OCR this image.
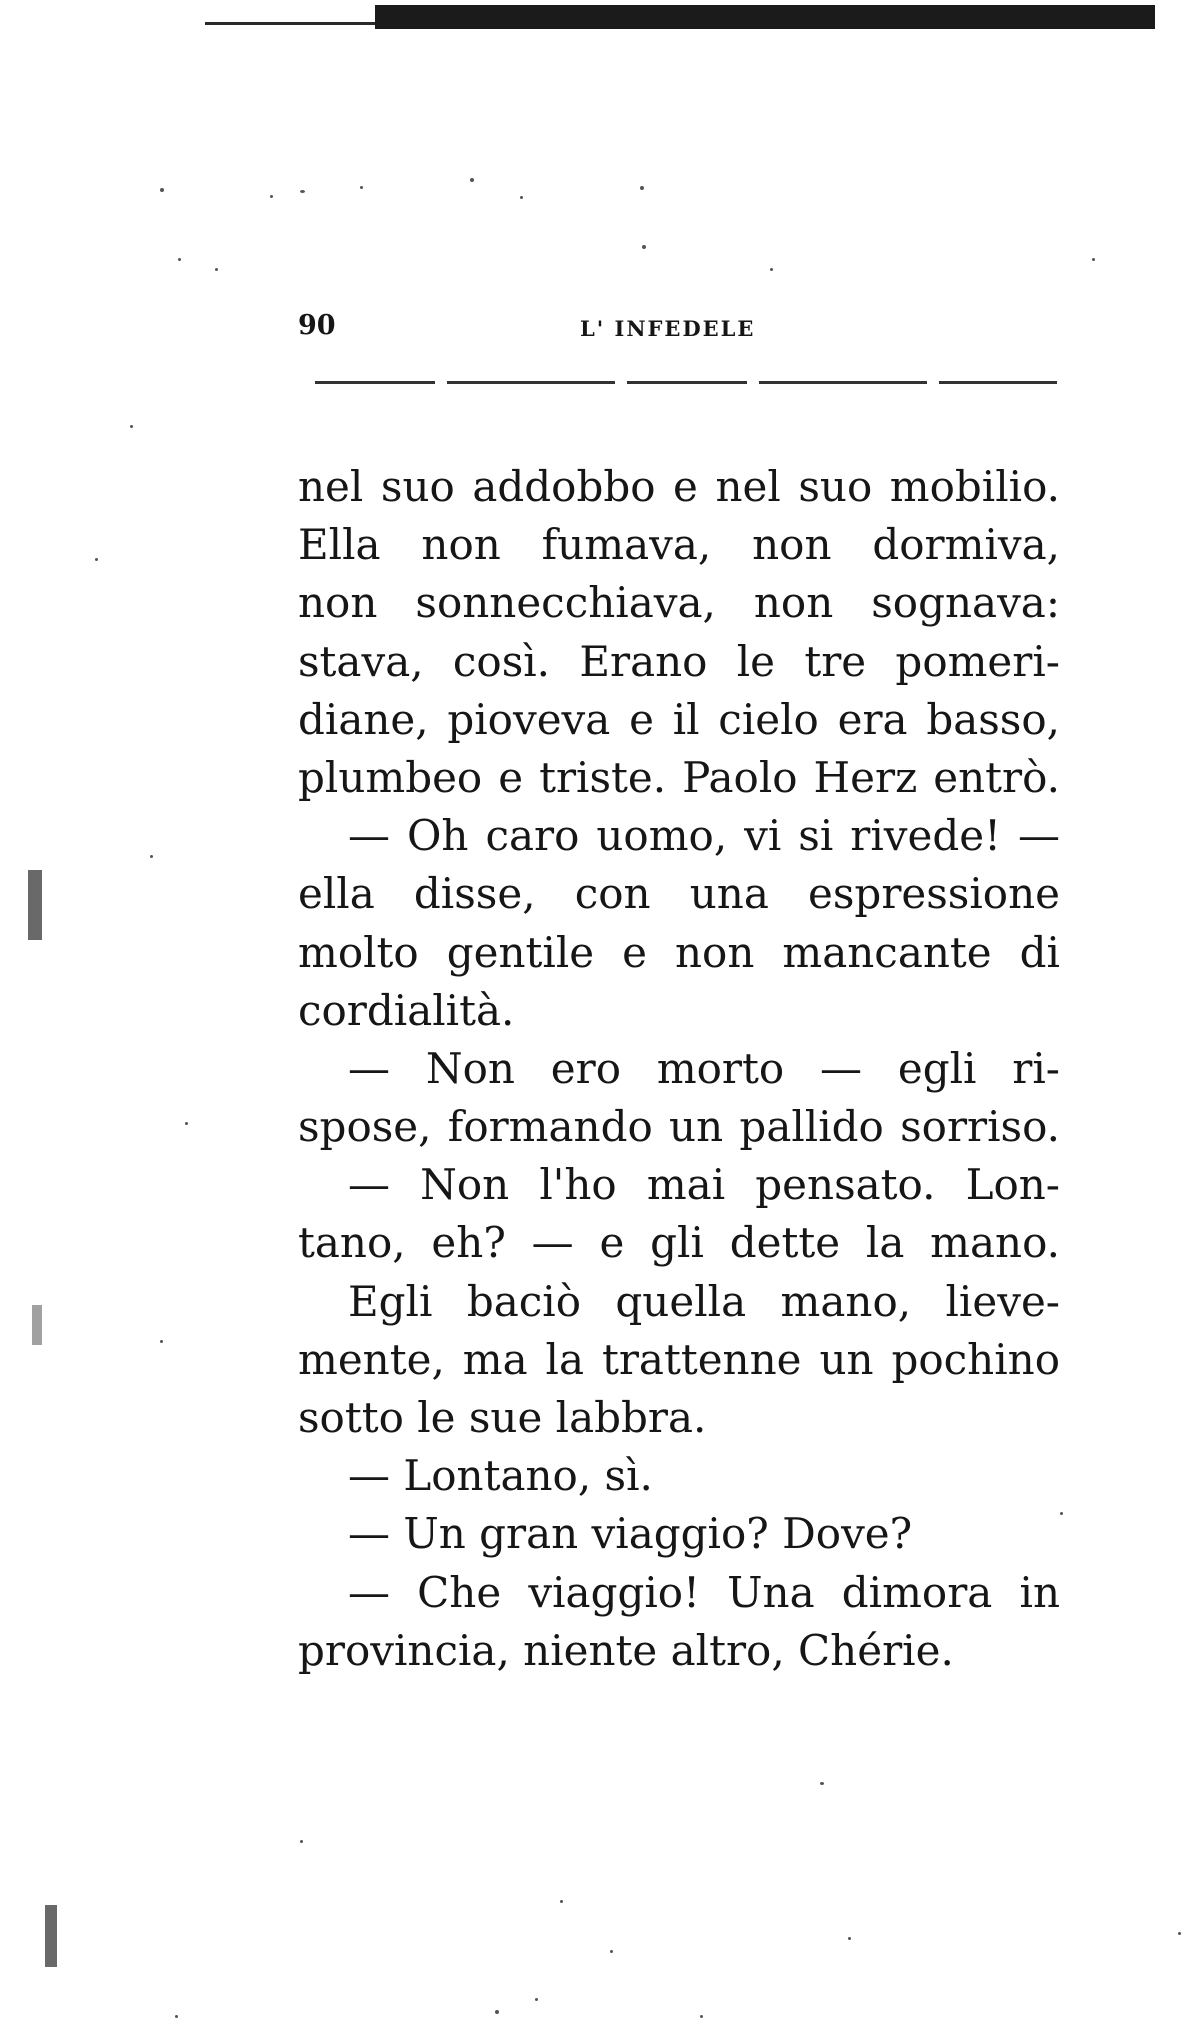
90	L' INFEDELE
nel suo addobbo e nel suo mobilio.
Ella non fumava, non dormiva,
non sonnecchiava, non sognava:
stava, così. Erano le tre pomeri-
diane, pioveva e il cielo era basso,
plumbeo e triste. Paolo Herz entrò.
— Oh caro uomo, vi si rivede! —
ella disse, con una espressione
molto gentile e non mancante di
cordialità.
— Non ero morto — egli ri-
spose, formando un pallido sorriso.
— Non l'ho mai pensato. Lon-
tano, eh? — e gli dette la mano.
Egli baciò quella mano, lieve-
mente, ma la trattenne un pochino
sotto le sue labbra.
— Lontano, sì.
— Un gran viaggio? Dove?
— Che viaggio! Una dimora in
provincia, niente altro, Chérie.
